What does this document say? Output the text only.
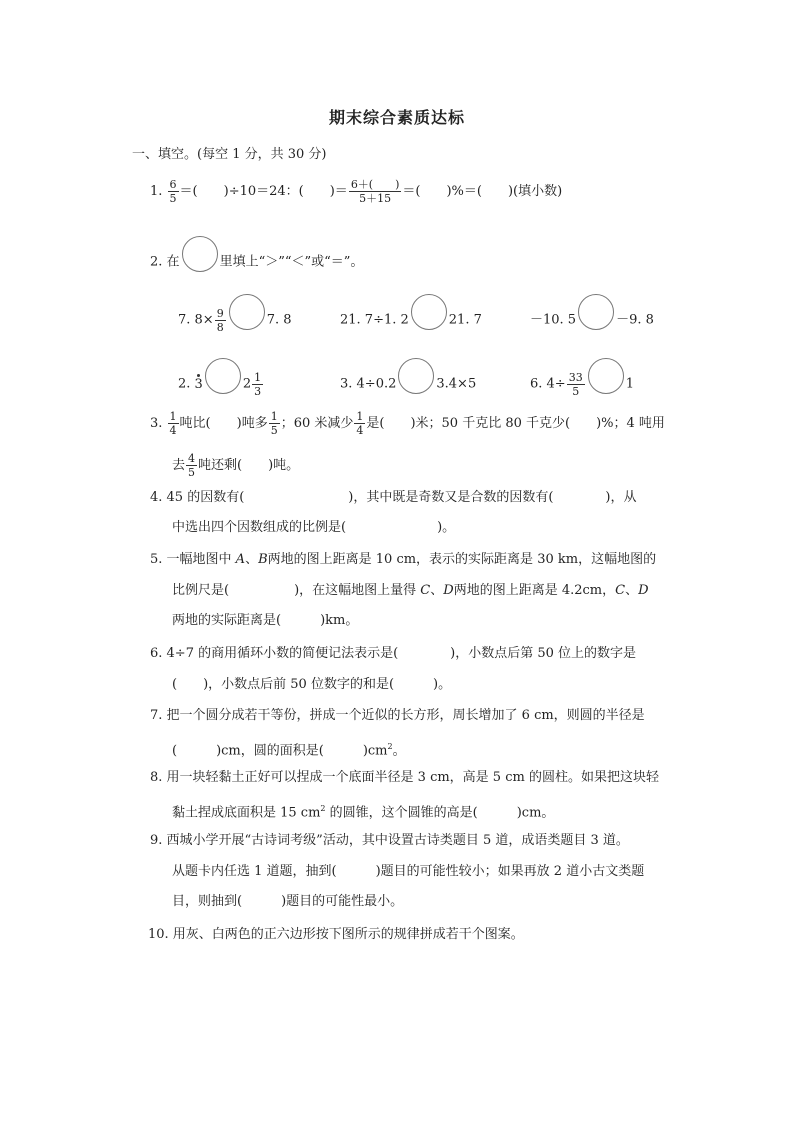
期末综合素质达标
一、填空。(每空 1 分，共 30 分)
1. $\frac{6}{5}$ ＝(　　)÷10＝24：(　　)＝ $\frac{6+( )}{5+15}$ ＝(　　)%＝(　　)(填小数)
2. 在	里填上“＞”“＜”或“＝”。
7. $8\times \frac{9}{8}$	7. 8	21. 7÷1. 2	21. 7	－10. 5	－9. 8
2. 3	$2 \frac{1}{3}$	3. 4÷0.2	3.4×5	6. $4\div \frac{33}{5}$	1
3. $\frac{1}{4}$ 吨比(　　)吨多 $\frac{1}{5}$ ；60 米减少 $\frac{1}{4}$ 是(　　)米；50 千克比 80 千克少(　　)%；4 吨用
去 $\frac{4}{5}$ 吨还剩(　　)吨。
4. 45 的因数有(　　　　　　　　)，其中既是奇数又是合数的因数有(　　　　)，从
中选出四个因数组成的比例是(　　　　　　　)。
5. 一幅地图中 A、B两地的图上距离是 10 cm，表示的实际距离是 30 km，这幅地图的
比例尺是(　　　　　)，在这幅地图上量得 C、D两地的图上距离是 4.2cm，C、D
两地的实际距离是(　　　)km。
6. 4÷7 的商用循环小数的简便记法表示是(　　　　)，小数点后第 50 位上的数字是
(　　)，小数点后前 50 位数字的和是(　　　)。
7. 把一个圆分成若干等份，拼成一个近似的长方形，周长增加了 6 cm，则圆的半径是
(　　　)cm，圆的面积是(　　　)$cm^2$。
8. 用一块轻黏土正好可以捏成一个底面半径是 3 cm，高是 5 cm 的圆柱。如果把这块轻
黏土捏成底面积是 15 $cm^2$ 的圆锥，这个圆锥的高是(　　　)cm。
9. 西城小学开展“古诗词考级”活动，其中设置古诗类题目 5 道，成语类题目 3 道。
从题卡内任选 1 道题，抽到(　　　)题目的可能性较小；如果再放 2 道小古文类题
目，则抽到(　　　)题目的可能性最小。
10. 用灰、白两色的正六边形按下图所示的规律拼成若干个图案。
